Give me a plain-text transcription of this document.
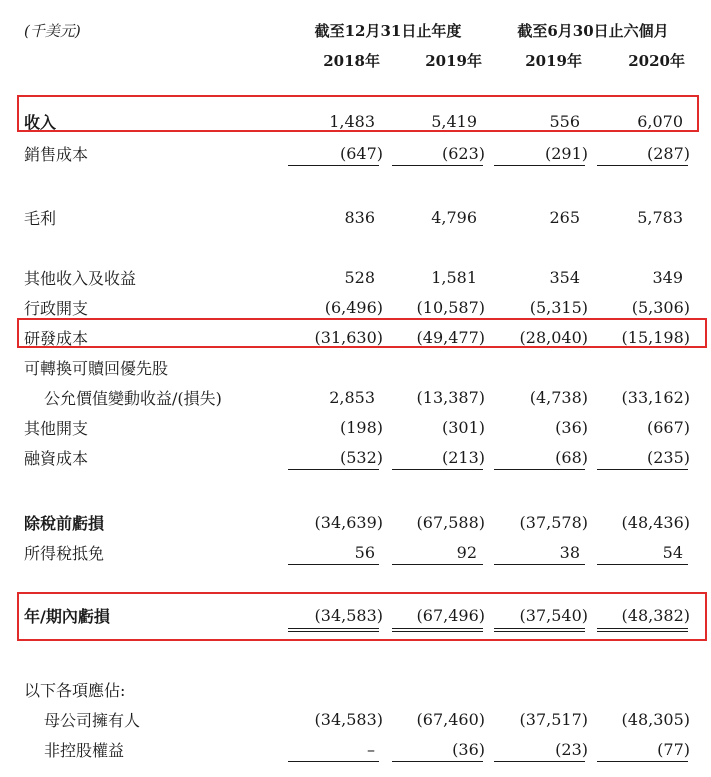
(千美元)	截至12月31日止年度	截至6月30日止六個月
2018年	2019年	2019年	2020年
收入	1,483	5,419	556	6,070
銷售成本	(647)	(623)	(291)	(287)
毛利	836	4,796	265	5,783
其他收入及收益	528	1,581	354	349
行政開支	(6,496)	(10,587)	(5,315)	(5,306)
研發成本	(31,630)	(49,477)	(28,040)	(15,198)
可轉換可贖回優先股
公允價值變動收益/(損失)	2,853	(13,387)	(4,738)	(33,162)
其他開支	(198)	(301)	(36)	(667)
融資成本	(532)	(213)	(68)	(235)
除稅前虧損	(34,639)	(67,588)	(37,578)	(48,436)
所得稅抵免	56	92	38	54
年/期內虧損	(34,583)	(67,496)	(37,540)	(48,382)
以下各項應佔:
母公司擁有人	(34,583)	(67,460)	(37,517)	(48,305)
非控股權益	–	(36)	(23)	(77)
